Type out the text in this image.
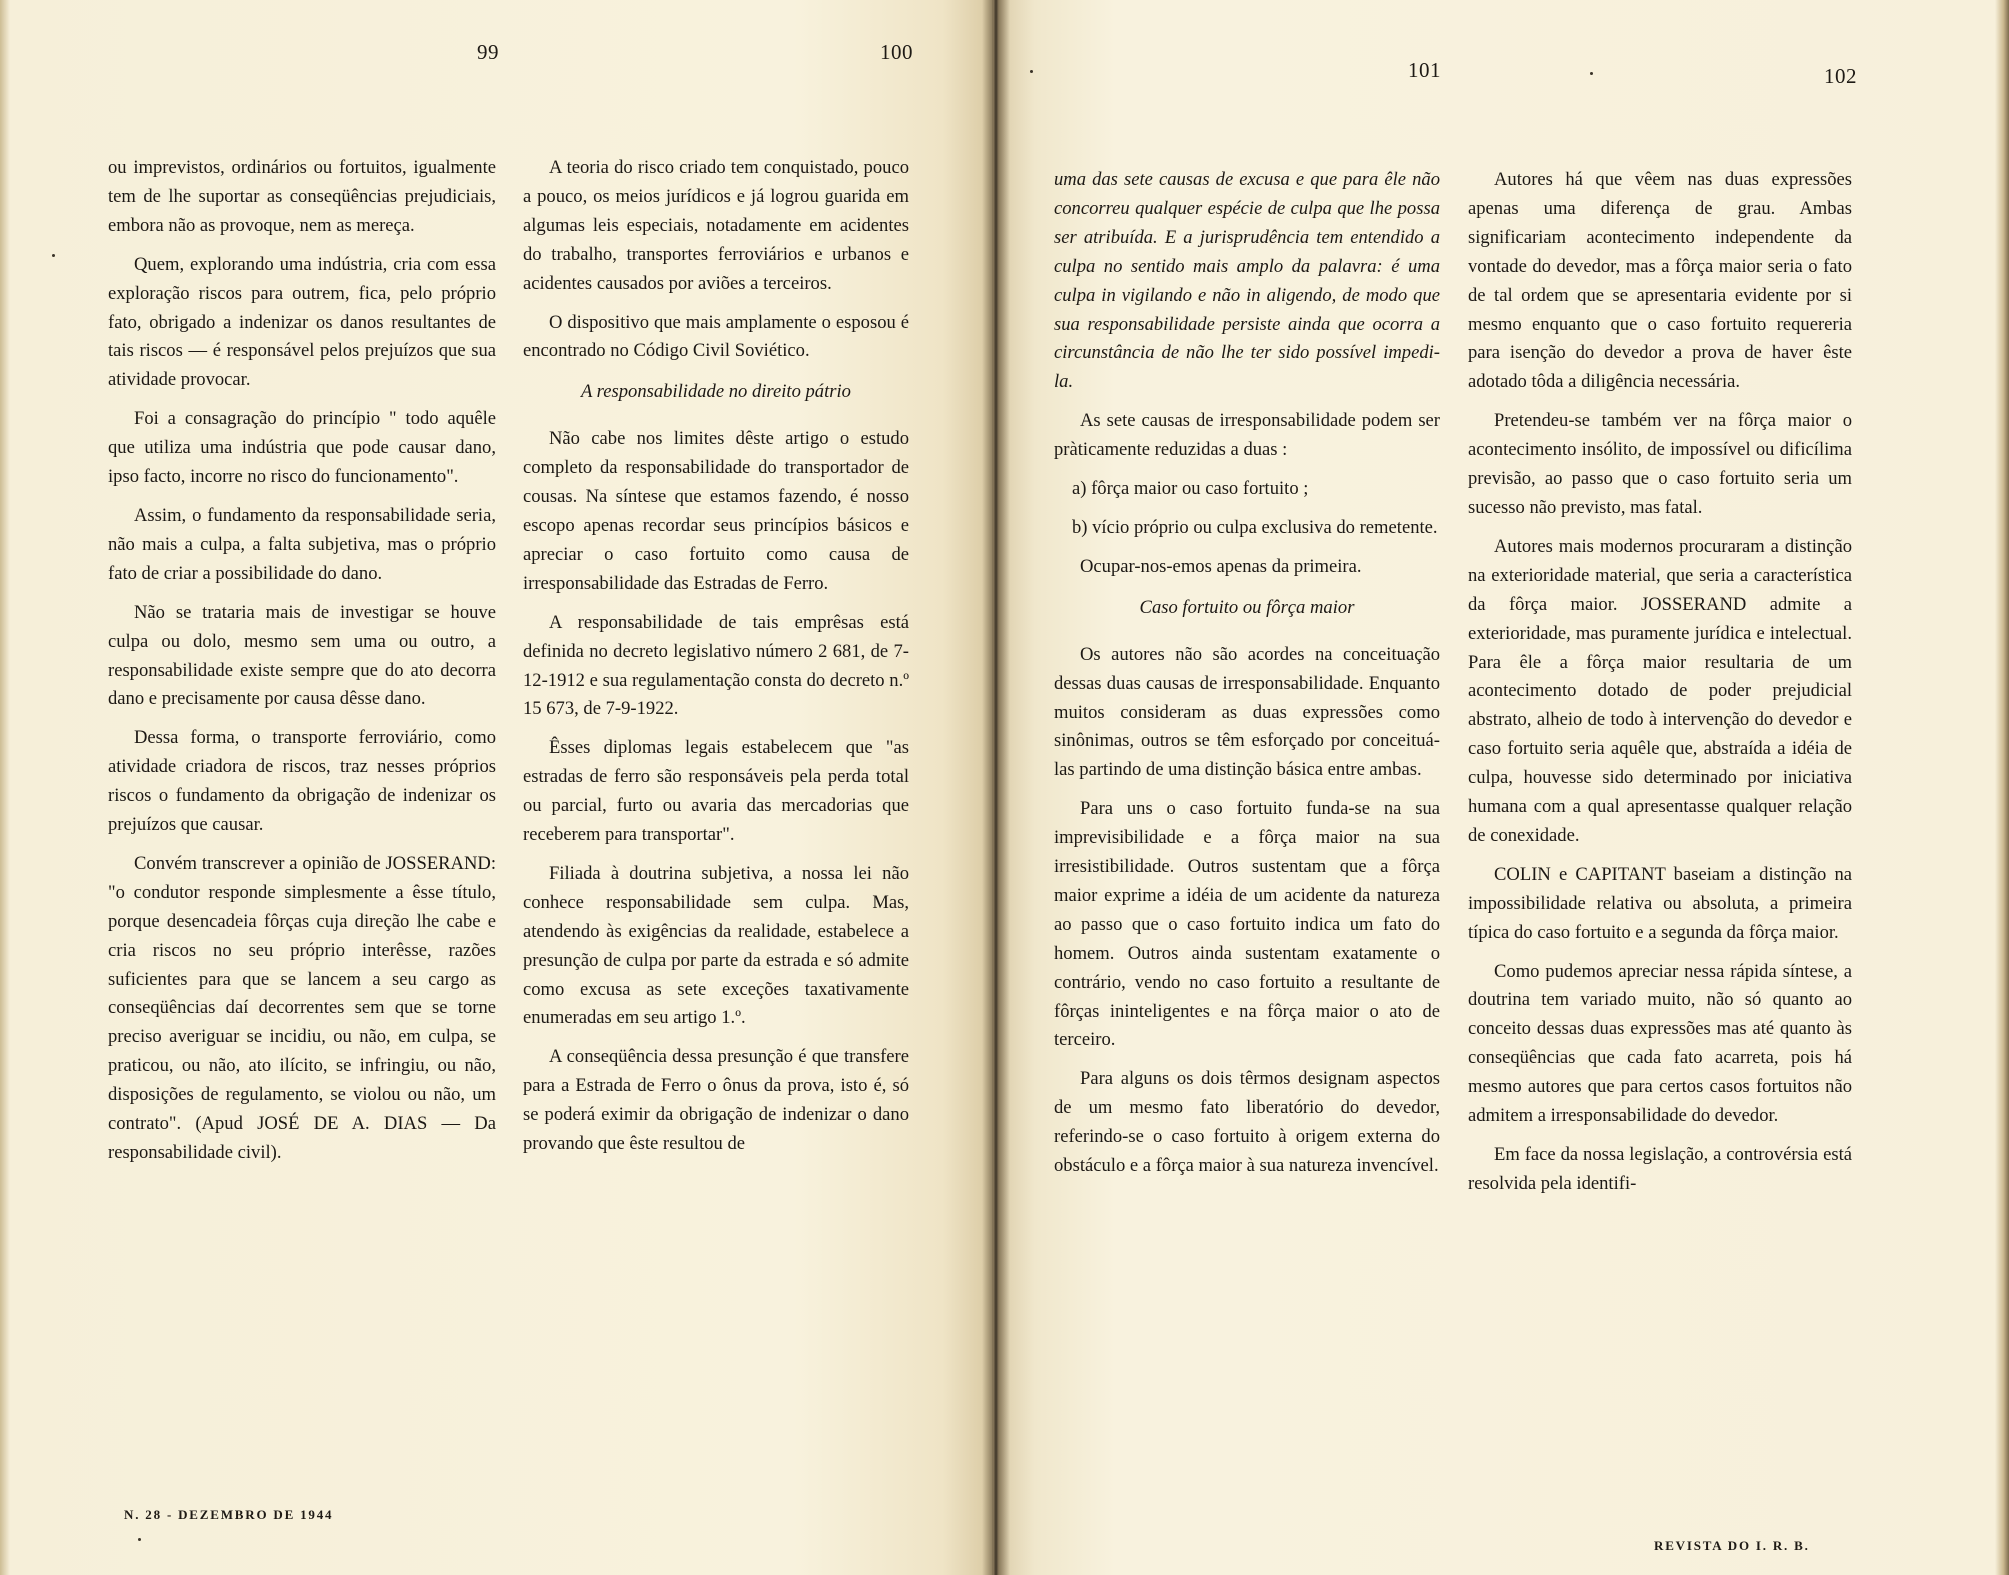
99	100

ou imprevistos, ordinários ou fortuitos, igualmente tem de lhe suportar as conseqüências prejudiciais, embora não as provoque, nem as mereça.

Quem, explorando uma indústria, cria com essa exploração riscos para outrem, fica, pelo próprio fato, obrigado a indenizar os danos resultantes de tais riscos — é responsável pelos prejuízos que sua atividade provocar.

Foi a consagração do princípio " todo aquêle que utiliza uma indústria que pode causar dano, ipso facto, incorre no risco do funcionamento".

Assim, o fundamento da responsabilidade seria, não mais a culpa, a falta subjetiva, mas o próprio fato de criar a possibilidade do dano.

Não se trataria mais de investigar se houve culpa ou dolo, mesmo sem uma ou outro, a responsabilidade existe sempre que do ato decorra dano e precisamente por causa dêsse dano.

Dessa forma, o transporte ferroviário, como atividade criadora de riscos, traz nesses próprios riscos o fundamento da obrigação de indenizar os prejuízos que causar.

Convém transcrever a opinião de JOSSERAND: "o condutor responde simplesmente a êsse título, porque desencadeia fôrças cuja direção lhe cabe e cria riscos no seu próprio interêsse, razões suficientes para que se lancem a seu cargo as conseqüências daí decorrentes sem que se torne preciso averiguar se incidiu, ou não, em culpa, se praticou, ou não, ato ilícito, se infringiu, ou não, disposições de regulamento, se violou ou não, um contrato". (Apud JOSÉ DE A. DIAS — Da responsabilidade civil).

A teoria do risco criado tem conquistado, pouco a pouco, os meios jurídicos e já logrou guarida em algumas leis especiais, notadamente em acidentes do trabalho, transportes ferroviários e urbanos e acidentes causados por aviões a terceiros.

O dispositivo que mais amplamente o esposou é encontrado no Código Civil Soviético.

A responsabilidade no direito pátrio

Não cabe nos limites dêste artigo o estudo completo da responsabilidade do transportador de cousas. Na síntese que estamos fazendo, é nosso escopo apenas recordar seus princípios básicos e apreciar o caso fortuito como causa de irresponsabilidade das Estradas de Ferro.

A responsabilidade de tais emprêsas está definida no decreto legislativo número 2 681, de 7-12-1912 e sua regulamentação consta do decreto n.º 15 673, de 7-9-1922.

Êsses diplomas legais estabelecem que "as estradas de ferro são responsáveis pela perda total ou parcial, furto ou avaria das mercadorias que receberem para transportar".

Filiada à doutrina subjetiva, a nossa lei não conhece responsabilidade sem culpa. Mas, atendendo às exigências da realidade, estabelece a presunção de culpa por parte da estrada e só admite como excusa as sete exceções taxativamente enumeradas em seu artigo 1.º.

A conseqüência dessa presunção é que transfere para a Estrada de Ferro o ônus da prova, isto é, só se poderá eximir da obrigação de indenizar o dano provando que êste resultou de

N. 28 - DEZEMBRO DE 1944
101	102

uma das sete causas de excusa e que para êle não concorreu qualquer espécie de culpa que lhe possa ser atribuída. E a jurisprudência tem entendido a culpa no sentido mais amplo da palavra: é uma culpa in vigilando e não in aligendo, de modo que sua responsabilidade persiste ainda que ocorra a circunstância de não lhe ter sido possível impedi-la.

As sete causas de irresponsabilidade podem ser pràticamente reduzidas a duas :

a) fôrça maior ou caso fortuito ;

b) vício próprio ou culpa exclusiva do remetente.

Ocupar-nos-emos apenas da primeira.

Caso fortuito ou fôrça maior

Os autores não são acordes na conceituação dessas duas causas de irresponsabilidade. Enquanto muitos consideram as duas expressões como sinônimas, outros se têm esforçado por conceituá-las partindo de uma distinção básica entre ambas.

Para uns o caso fortuito funda-se na sua imprevisibilidade e a fôrça maior na sua irresistibilidade. Outros sustentam que a fôrça maior exprime a idéia de um acidente da natureza ao passo que o caso fortuito indica um fato do homem. Outros ainda sustentam exatamente o contrário, vendo no caso fortuito a resultante de fôrças ininteligentes e na fôrça maior o ato de terceiro.

Para alguns os dois têrmos designam aspectos de um mesmo fato liberatório do devedor, referindo-se o caso fortuito à origem externa do obstáculo e a fôrça maior à sua natureza invencível.

Autores há que vêem nas duas expressões apenas uma diferença de grau. Ambas significariam acontecimento independente da vontade do devedor, mas a fôrça maior seria o fato de tal ordem que se apresentaria evidente por si mesmo enquanto que o caso fortuito requereria para isenção do devedor a prova de haver êste adotado tôda a diligência necessária.

Pretendeu-se também ver na fôrça maior o acontecimento insólito, de impossível ou dificílima previsão, ao passo que o caso fortuito seria um sucesso não previsto, mas fatal.

Autores mais modernos procuraram a distinção na exterioridade material, que seria a característica da fôrça maior. JOSSERAND admite a exterioridade, mas puramente jurídica e intelectual. Para êle a fôrça maior resultaria de um acontecimento dotado de poder prejudicial abstrato, alheio de todo à intervenção do devedor e caso fortuito seria aquêle que, abstraída a idéia de culpa, houvesse sido determinado por iniciativa humana com a qual apresentasse qualquer relação de conexidade.

COLIN e CAPITANT baseiam a distinção na impossibilidade relativa ou absoluta, a primeira típica do caso fortuito e a segunda da fôrça maior.

Como pudemos apreciar nessa rápida síntese, a doutrina tem variado muito, não só quanto ao conceito dessas duas expressões mas até quanto às conseqüências que cada fato acarreta, pois há mesmo autores que para certos casos fortuitos não admitem a irresponsabilidade do devedor.

Em face da nossa legislação, a controvérsia está resolvida pela identifi-

REVISTA DO I. R. B.
